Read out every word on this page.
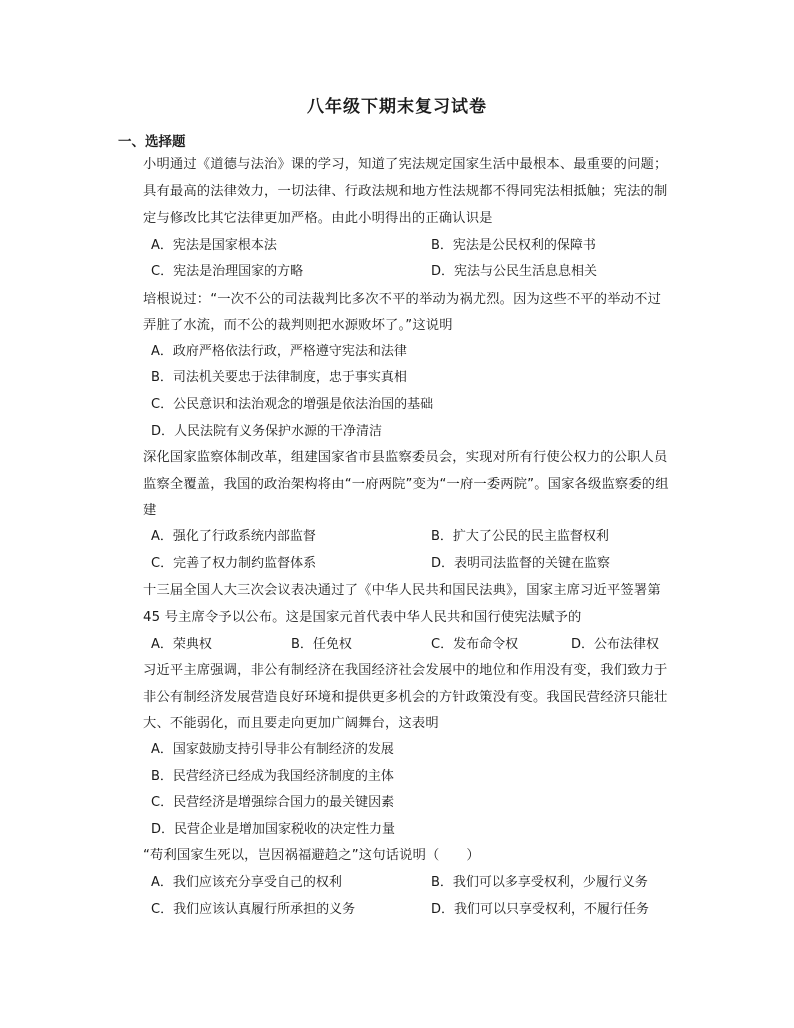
八年级下期末复习试卷
一、选择题
小明通过《道德与法治》课的学习，知道了宪法规定国家生活中最根本、最重要的问题；
具有最高的法律效力，一切法律、行政法规和地方性法规都不得同宪法相抵触；宪法的制
定与修改比其它法律更加严格。由此小明得出的正确认识是
A．宪法是国家根本法	B．宪法是公民权利的保障书
C．宪法是治理国家的方略	D．宪法与公民生活息息相关
培根说过：“一次不公的司法裁判比多次不平的举动为祸尤烈。因为这些不平的举动不过
弄脏了水流，而不公的裁判则把水源败坏了。”这说明
A．政府严格依法行政，严格遵守宪法和法律
B．司法机关要忠于法律制度，忠于事实真相
C．公民意识和法治观念的增强是依法治国的基础
D．人民法院有义务保护水源的干净清洁
深化国家监察体制改革，组建国家省市县监察委员会，实现对所有行使公权力的公职人员
监察全覆盖，我国的政治架构将由“一府两院”变为“一府一委两院”。国家各级监察委的组
建
A．强化了行政系统内部监督	B．扩大了公民的民主监督权利
C．完善了权力制约监督体系	D．表明司法监督的关键在监察
十三届全国人大三次会议表决通过了《中华人民共和国民法典》，国家主席习近平签署第
45 号主席令予以公布。这是国家元首代表中华人民共和国行使宪法赋予的
A．荣典权	B．任免权	C．发布命令权	D．公布法律权
习近平主席强调，非公有制经济在我国经济社会发展中的地位和作用没有变，我们致力于
非公有制经济发展营造良好环境和提供更多机会的方针政策没有变。我国民营经济只能壮
大、不能弱化，而且要走向更加广阔舞台，这表明
A．国家鼓励支持引导非公有制经济的发展
B．民营经济已经成为我国经济制度的主体
C．民营经济是增强综合国力的最关键因素
D．民营企业是增加国家税收的决定性力量
“苟利国家生死以，岂因祸福避趋之”这句话说明（　　）
A．我们应该充分享受自己的权利	B．我们可以多享受权利，少履行义务
C．我们应该认真履行所承担的义务	D．我们可以只享受权利，不履行任务
